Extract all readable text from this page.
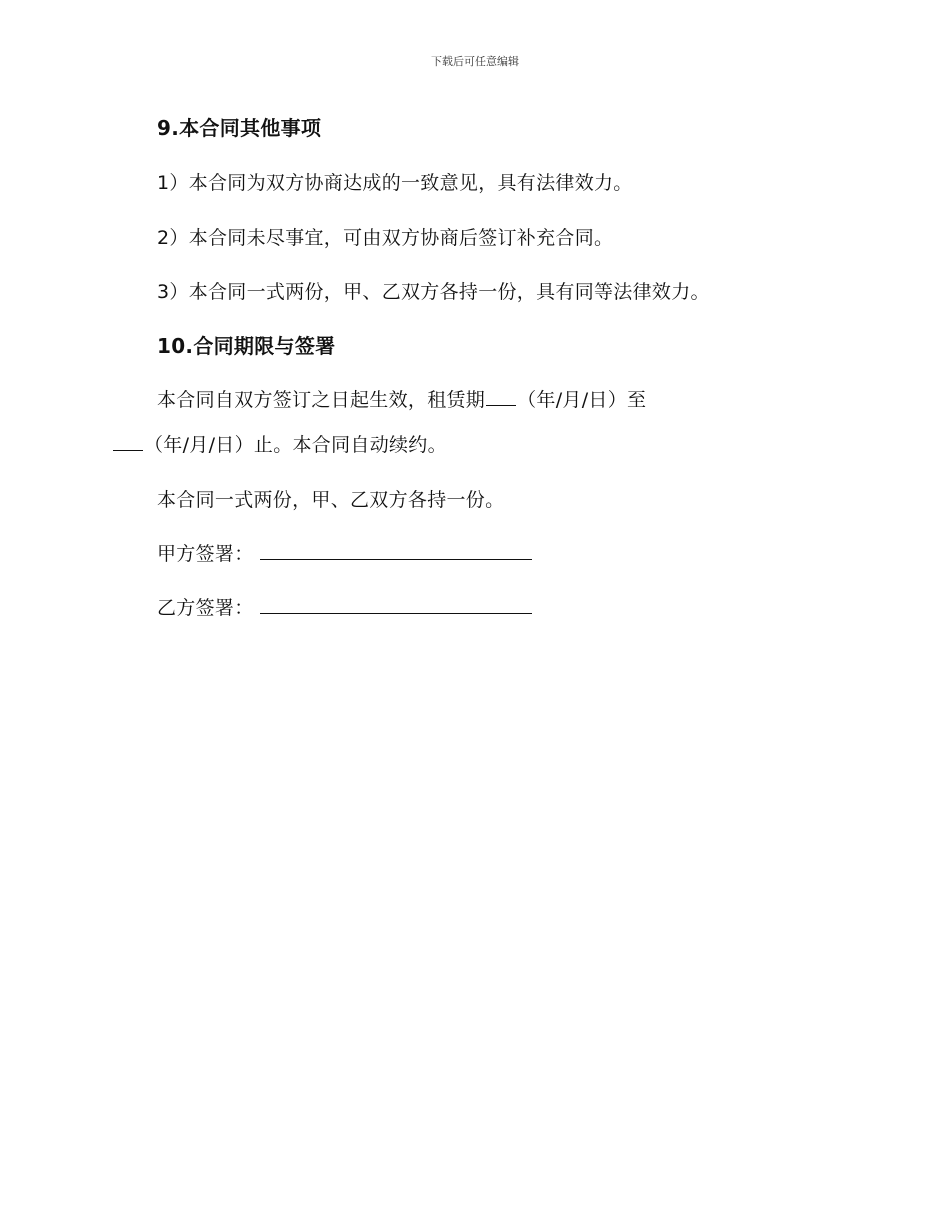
下载后可任意编辑
9.本合同其他事项
1）本合同为双方协商达成的一致意见，具有法律效力。
2）本合同未尽事宜，可由双方协商后签订补充合同。
3）本合同一式两份，甲、乙双方各持一份，具有同等法律效力。
10.合同期限与签署
本合同自双方签订之日起生效，租赁期 （年/月/日）至
（年/月/日）止。本合同自动续约。
本合同一式两份，甲、乙双方各持一份。
甲方签署：
乙方签署：
